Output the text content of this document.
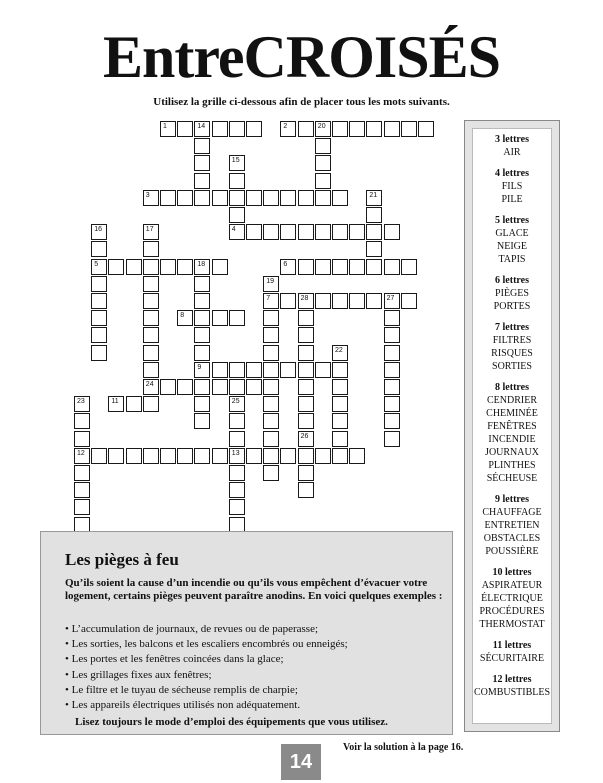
EntreCROISÉS
Utilisez la grille ci-dessous afin de placer tous les mots suivants.
1	14	2	20
15
3	21
16
5
17	4
18
9
6
19
7	28	27
26
8
22
24
23
12
11	25
13
3 lettres
AIR
4 lettres
FILS
PILE
5 lettres
GLACE
NEIGE
TAPIS
6 lettres
PIÈGES
PORTES
7 lettres
FILTRES
RISQUES
SORTIES
8 lettres
CENDRIER
CHEMINÉE
FENÊTRES
INCENDIE
JOURNAUX
PLINTHES
SÉCHEUSE
9 lettres
CHAUFFAGE
ENTRETIEN
OBSTACLES
POUSSIÈRE
10 lettres
ASPIRATEUR
ÉLECTRIQUE
PROCÉDURES
THERMOSTAT
11 lettres
SÉCURITAIRE
12 lettres
COMBUSTIBLES
Les pièges à feu
Qu’ils soient la cause d’un incendie ou qu’ils vous empêchent d’évacuer votre logement, certains pièges peuvent paraître anodins. En voici quelques exemples :
• L’accumulation de journaux, de revues ou de paperasse;
• Les sorties, les balcons et les escaliers encombrés ou enneigés;
• Les portes et les fenêtres coincées dans la glace;
• Les grillages fixes aux fenêtres;
• Le filtre et le tuyau de sécheuse remplis de charpie;
• Les appareils électriques utilisés non adéquatement.
Lisez toujours le mode d’emploi des équipements que vous utilisez.
14
Voir la solution à la page 16.
